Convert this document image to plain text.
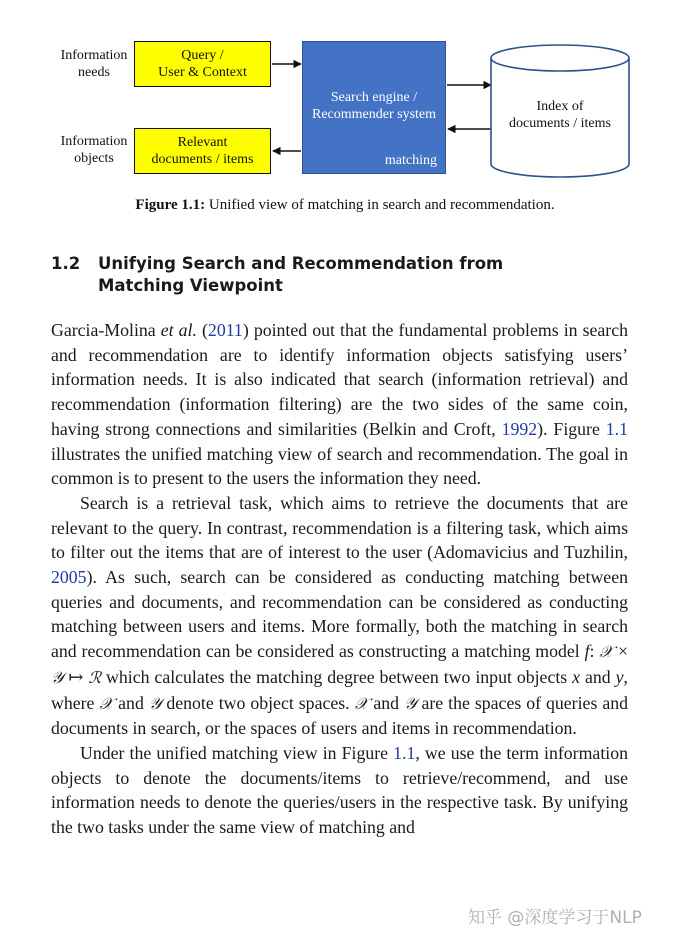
Information
needs
Information
objects
Query /
User & Context
Relevant
documents / items
Search engine /
Recommender system
matching
Index of
documents / items
Figure 1.1: Unified view of matching in search and recommendation.
1.2 Unifying Search and Recommendation from
Matching Viewpoint

Garcia-Molina et al. (2011) pointed out that the fundamental problems in search and recommendation are to identify information objects satisfying users’ information needs. It is also indicated that search (information retrieval) and recommendation (information filtering) are the two sides of the same coin, having strong connections and similarities (Belkin and Croft, 1992). Figure 1.1 illustrates the unified matching view of search and recommendation. The goal in common is to present to the users the information they need.

Search is a retrieval task, which aims to retrieve the documents that are relevant to the query. In contrast, recommendation is a filtering task, which aims to filter out the items that are of interest to the user (Adomavicius and Tuzhilin, 2005). As such, search can be considered as conducting matching between queries and documents, and recommendation can be considered as conducting matching between users and items. More formally, both the matching in search and recommendation can be considered as constructing a matching model f: 𝒳 × 𝒴 ↦ ℛ which calculates the matching degree between two input objects x and y, where 𝒳 and 𝒴 denote two object spaces. 𝒳 and 𝒴 are the spaces of queries and documents in search, or the spaces of users and items in recommendation.

Under the unified matching view in Figure 1.1, we use the term information objects to denote the documents/items to retrieve/recommend, and use information needs to denote the queries/users in the respective task. By unifying the two tasks under the same view of matching and

知乎 @深度学习于NLP
